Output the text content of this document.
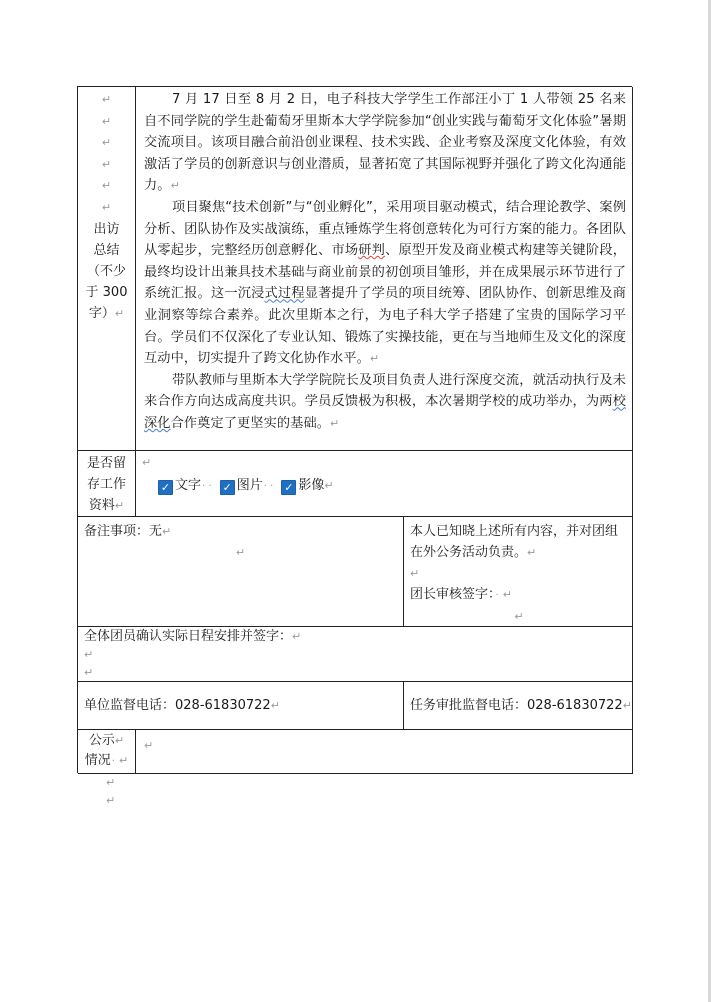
↵
↵
↵
↵
↵
↵
出访
总结
（不少
于 300
字）↵

7 月 17 日至 8 月 2 日，电子科技大学学生工作部汪小丁 1 人带领 25 名来自不同学院的学生赴葡萄牙里斯本大学学院参加“创业实践与葡萄牙文化体验”暑期交流项目。该项目融合前沿创业课程、技术实践、企业考察及深度文化体验，有效激活了学员的创新意识与创业潜质，显著拓宽了其国际视野并强化了跨文化沟通能力。↵

项目聚焦“技术创新”与“创业孵化”，采用项目驱动模式，结合理论教学、案例分析、团队协作及实战演练，重点锤炼学生将创意转化为可行方案的能力。各团队从零起步，完整经历创意孵化、市场研判、原型开发及商业模式构建等关键阶段，最终均设计出兼具技术基础与商业前景的初创项目雏形，并在成果展示环节进行了系统汇报。这一沉浸式过程显著提升了学员的项目统筹、团队协作、创新思维及商业洞察等综合素养。此次里斯本之行，为电子科大学子搭建了宝贵的国际学习平台。学员们不仅深化了专业认知、锻炼了实操技能，更在与当地师生及文化的深度互动中，切实提升了跨文化协作水平。↵

带队教师与里斯本大学学院院长及项目负责人进行深度交流，就活动执行及未来合作方向达成高度共识。学员反馈极为积极，本次暑期学校的成功举办，为两校深化合作奠定了更坚实的基础。↵

是否留
存工作
资料↵
↵
✓ 文字· · ✓ 图片· · ✓ 影像↵
备注事项：无↵
↵
本人已知晓上述所有内容，并对团组在外公务活动负责。↵
↵
团长审核签字：· ↵
↵
全体团员确认实际日程安排并签字：↵
↵
↵
单位监督电话：028-61830722↵	任务审批监督电话：028-61830722↵
公示↵
情况· ↵
↵
↵
↵
